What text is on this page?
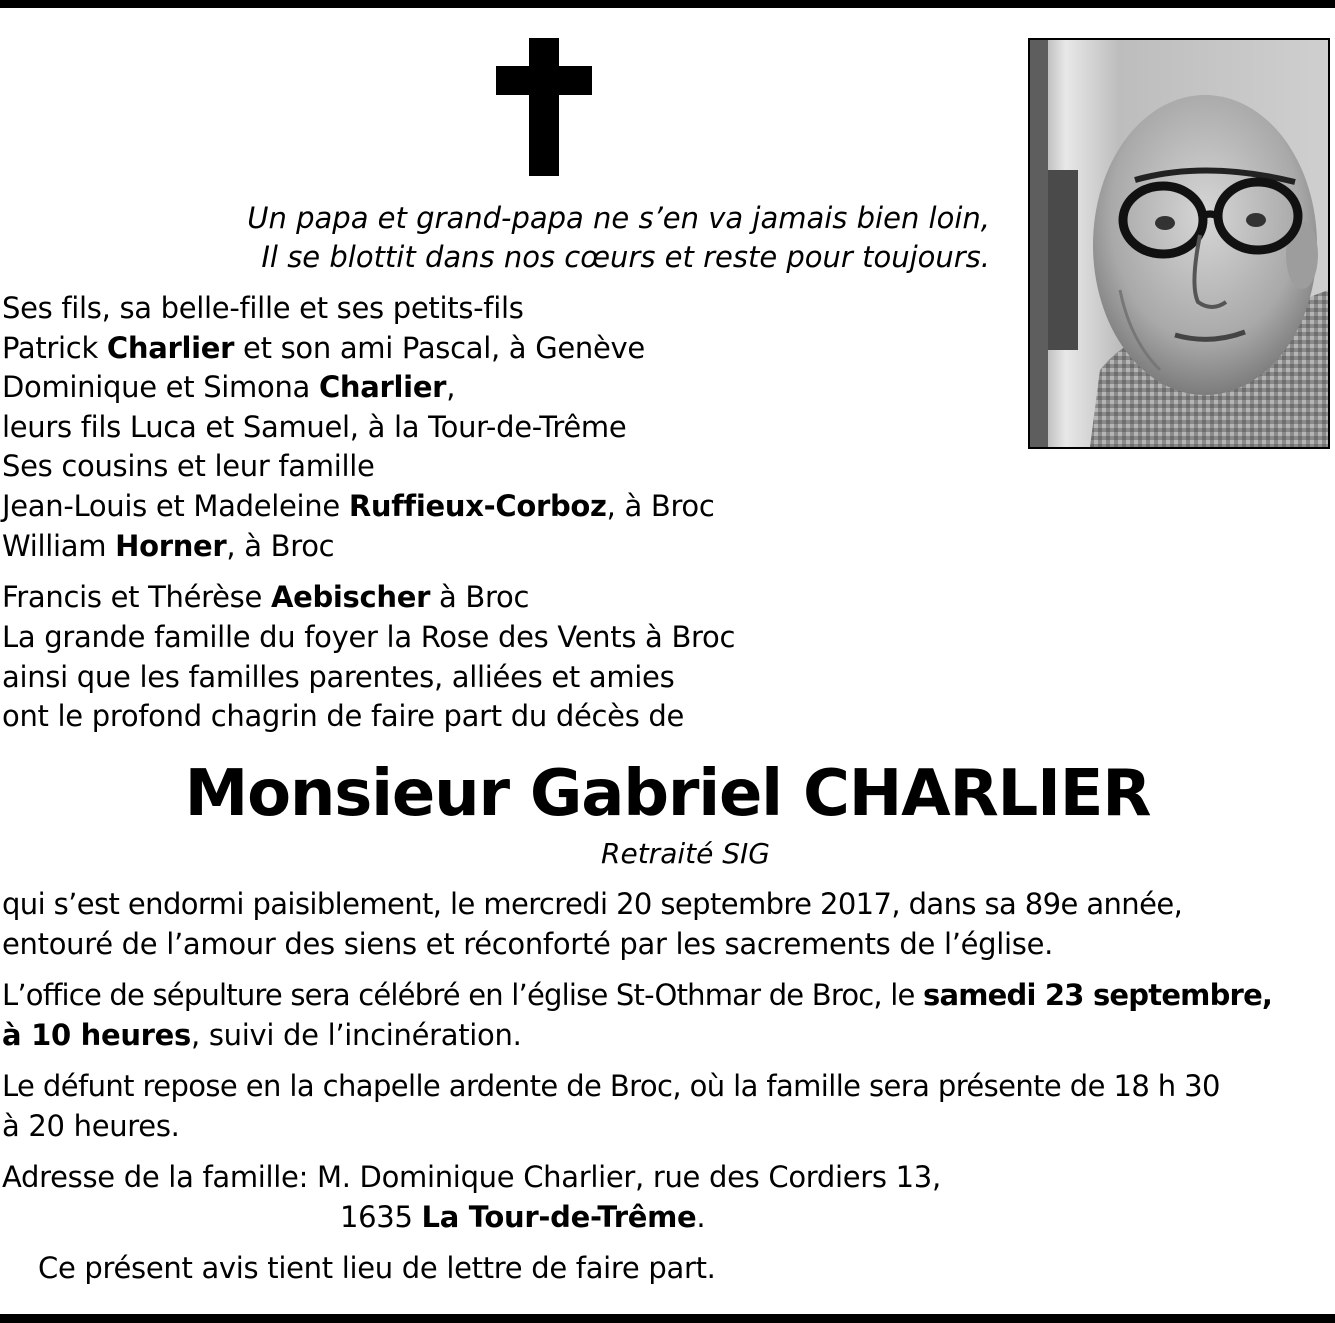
Un papa et grand-papa ne s’en va jamais bien loin,
Il se blottit dans nos cœurs et reste pour toujours.
Ses fils, sa belle-fille et ses petits-fils
Patrick Charlier et son ami Pascal, à Genève
Dominique et Simona Charlier,
leurs fils Luca et Samuel, à la Tour-de-Trême
Ses cousins et leur famille
Jean-Louis et Madeleine Ruffieux-Corboz, à Broc
William Horner, à Broc
Francis et Thérèse Aebischer à Broc
La grande famille du foyer la Rose des Vents à Broc
ainsi que les familles parentes, alliées et amies
ont le profond chagrin de faire part du décès de
Monsieur Gabriel CHARLIER
Retraité SIG
qui s’est endormi paisiblement, le mercredi 20 septembre 2017, dans sa 89e année,
entouré de l’amour des siens et réconforté par les sacrements de l’église.
L’office de sépulture sera célébré en l’église St-Othmar de Broc, le samedi 23 septembre,
à 10 heures, suivi de l’incinération.
Le défunt repose en la chapelle ardente de Broc, où la famille sera présente de 18 h 30
à 20 heures.
Adresse de la famille: M. Dominique Charlier, rue des Cordiers 13,
1635 La Tour-de-Trême.
Ce présent avis tient lieu de lettre de faire part.
